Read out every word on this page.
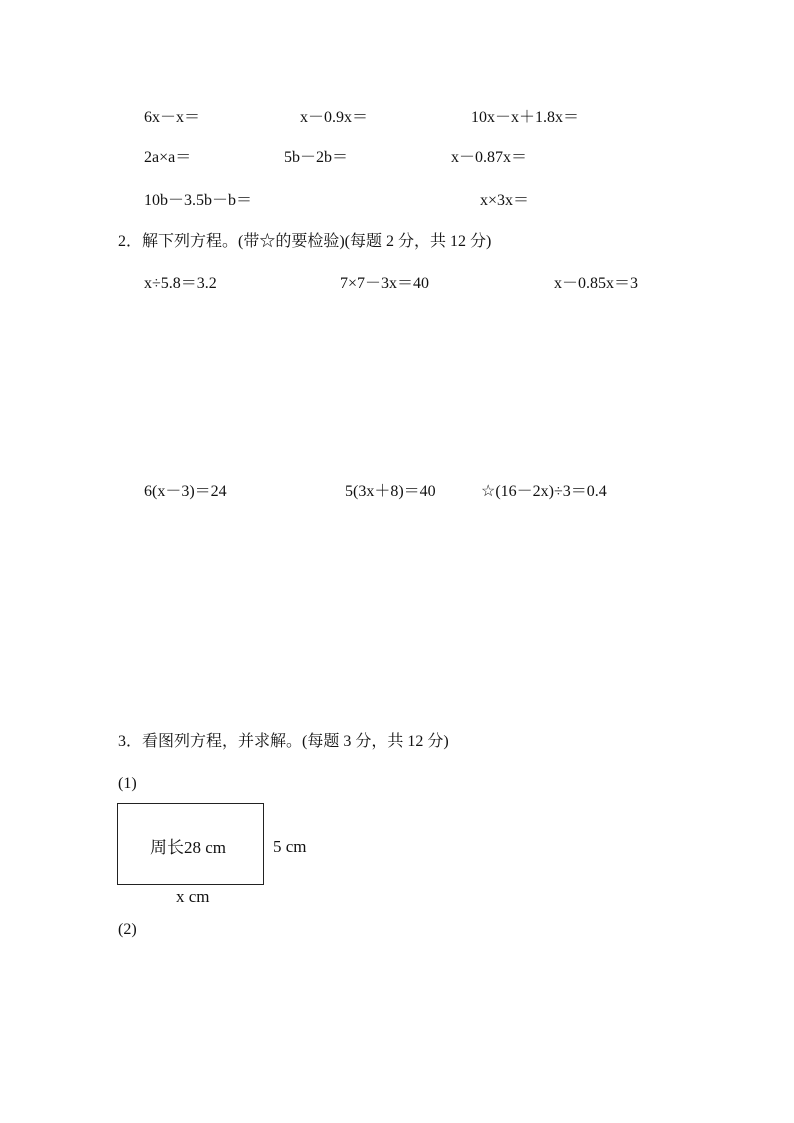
6x－x＝	x－0.9x＝	10x－x＋1.8x＝
2a×a＝	5b－2b＝	x－0.87x＝
10b－3.5b－b＝	x×3x＝
2．解下列方程。(带☆的要检验)(每题 2 分，共 12 分)
x÷5.8＝3.2	7×7－3x＝40	x－0.85x＝3
6(x－3)＝24	5(3x＋8)＝40	☆(16－2x)÷3＝0.4
3．看图列方程，并求解。(每题 3 分，共 12 分)
(1)
周长28 cm	5 cm
x cm
(2)
